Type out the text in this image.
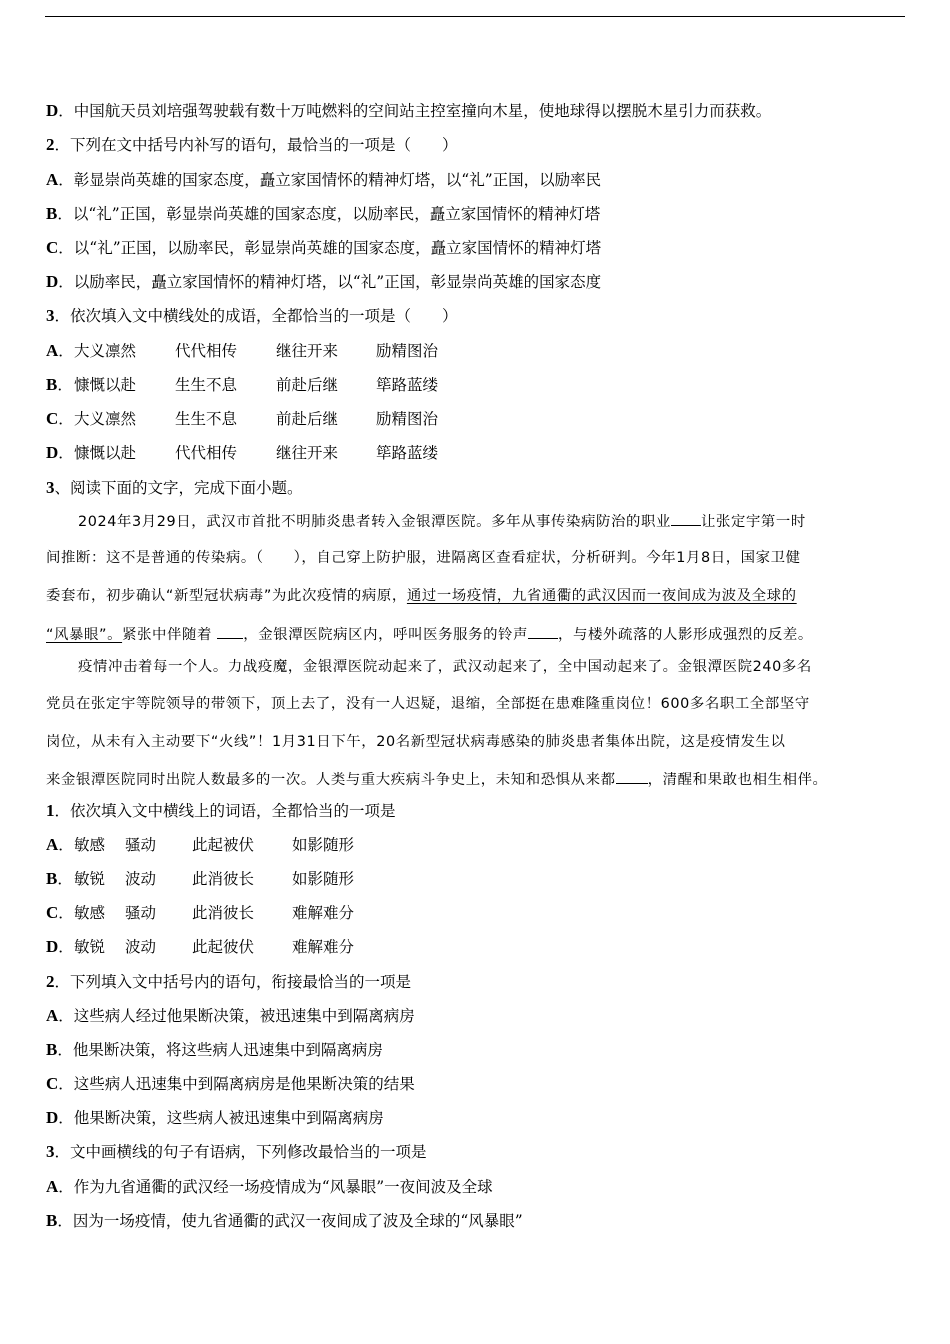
D．中国航天员刘培强驾驶载有数十万吨燃料的空间站主控室撞向木星，使地球得以摆脱木星引力而获救。
2．下列在文中括号内补写的语句，最恰当的一项是（　　）
A．彰显崇尚英雄的国家态度，矗立家国情怀的精神灯塔，以“礼”正国，以励率民
B．以“礼”正国，彰显崇尚英雄的国家态度，以励率民，矗立家国情怀的精神灯塔
C．以“礼”正国，以励率民，彰显崇尚英雄的国家态度，矗立家国情怀的精神灯塔
D．以励率民，矗立家国情怀的精神灯塔，以“礼”正国，彰显崇尚英雄的国家态度
3．依次填入文中横线处的成语，全都恰当的一项是（　　）
A． 大义凛然	代代相传	继往开来 励精图治
B． 慷慨以赴	生生不息	前赴后继 筚路蓝缕
C． 大义凛然	生生不息	前赴后继 励精图治
D． 慷慨以赴	代代相传	继往开来 筚路蓝缕
3、阅读下面的文字，完成下面小题。
2024年3月29日，武汉市首批不明肺炎患者转入金银潭医院。多年从事传染病防治的职业 让张定宇第一时
间推断：这不是普通的传染病。（　　），自己穿上防护服，进隔离区查看症状，分析研判。今年1月8日，国家卫健
委套布，初步确认“新型冠状病毒”为此次疫情的病原，通过一场疫情，九省通衢的武汉因而一夜间成为波及全球的
“风暴眼”。紧张中伴随着 ，金银潭医院病区内，呼叫医务服务的铃声 ，与楼外疏落的人影形成强烈的反差。
疫情冲击着每一个人。力战疫魔，金银潭医院动起来了，武汉动起来了，全中国动起来了。金银潭医院240多名
党员在张定宇等院领导的带领下，顶上去了，没有一人迟疑，退缩，全部挺在患难隆重岗位！600多名职工全部坚守
岗位，从未有入主动要下“火线”！1月31日下午，20名新型冠状病毒感染的肺炎患者集体出院，这是疫情发生以
来金银潭医院同时出院人数最多的一次。人类与重大疾病斗争史上，未知和恐惧从来都 ，清醒和果敢也相生相伴。
1．依次填入文中横线上的词语，全都恰当的一项是
A． 敏感 骚动 此起被伏 如影随形
B． 敏锐 波动 此消彼长 如影随形
C． 敏感 骚动 此消彼长 难解难分
D． 敏锐 波动 此起彼伏 难解难分
2．下列填入文中括号内的语句，衔接最恰当的一项是
A．这些病人经过他果断决策，被迅速集中到隔离病房
B．他果断决策，将这些病人迅速集中到隔离病房
C．这些病人迅速集中到隔离病房是他果断决策的结果
D．他果断决策，这些病人被迅速集中到隔离病房
3．文中画横线的句子有语病，下列修改最恰当的一项是
A．作为九省通衢的武汉经一场疫情成为“风暴眼”一夜间波及全球
B．因为一场疫情，使九省通衢的武汉一夜间成了波及全球的“风暴眼”
